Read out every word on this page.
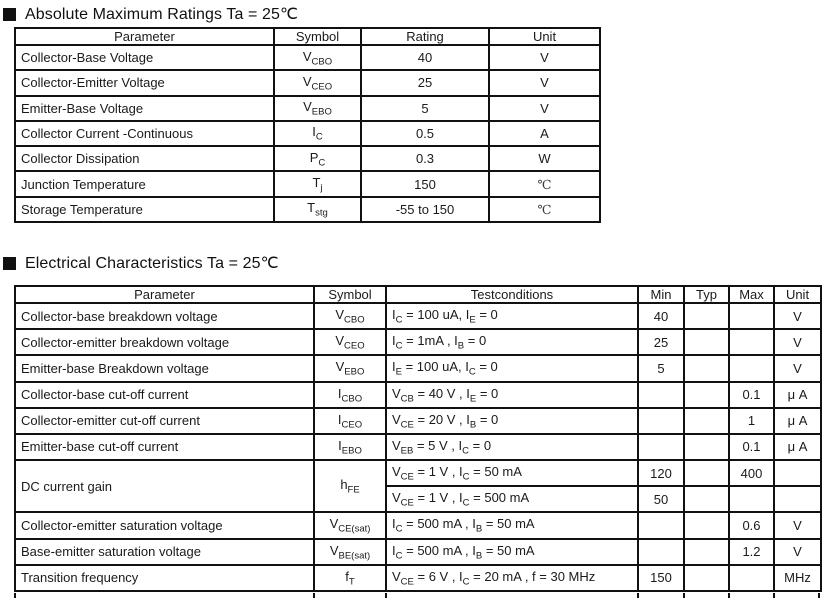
Absolute Maximum Ratings Ta = 25℃
Parameter	Symbol	Rating	Unit
Collector-Base Voltage	$V_{CBO}$	40	V
Collector-Emitter Voltage	$V_{CEO}$	25	V
Emitter-Base Voltage	$V_{EBO}$	5	V
Collector Current -Continuous	$I_C$	0.5	A
Collector Dissipation	$P_C$	0.3	W
Junction Temperature	$T_j$	150	℃
Storage Temperature	$T_{stg}$	-55 to 150	℃
Electrical Characteristics Ta = 25℃
Parameter	Symbol	Testconditions	Min	Typ	Max	Unit
Collector-base breakdown voltage	$V_{CBO}$	$I_C = 100$ uA, $I_E = 0$	40			V
Collector-emitter breakdown voltage	$V_{CEO}$	$I_C = 1mA$ , $I_B = 0$	25			V
Emitter-base Breakdown voltage	$V_{EBO}$	$I_E = 100$ uA, $I_C = 0$	5			V
Collector-base cut-off current	$I_{CBO}$	$V_{CB} = 40$ V , $I_E = 0$			0.1	μ A
Collector-emitter cut-off current	$I_{CEO}$	$V_{CE} = 20$ V , $I_B = 0$			1	μ A
Emitter-base cut-off current	$I_{EBO}$	$V_{EB} = 5$ V , $I_C = 0$			0.1	μ A
DC current gain	$h_{FE}$	$V_{CE} = 1$ V , $I_C = 50$ mA	120		400	
		$V_{CE} = 1$ V , $I_C = 500$ mA	50			
Collector-emitter saturation voltage	$V_{CE(sat)}$	$I_C = 500$ mA , $I_B = 50$ mA			0.6	V
Base-emitter saturation voltage	$V_{BE(sat)}$	$I_C = 500$ mA , $I_B = 50$ mA			1.2	V
Transition frequency	$f_T$	$V_{CE} = 6$ V , $I_C = 20$ mA , f = 30 MHz	150			MHz
